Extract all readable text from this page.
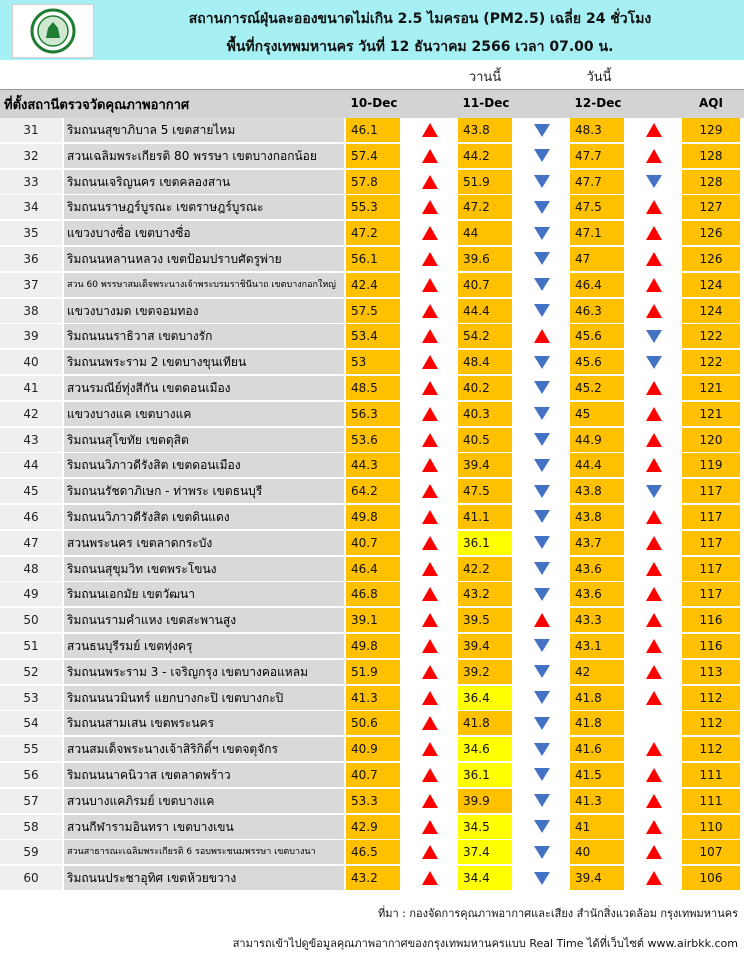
สถานการณ์ฝุ่นละอองขนาดไม่เกิน 2.5 ไมครอน (PM2.5) เฉลี่ย 24 ชั่วโมง
พื้นที่กรุงเทพมหานคร วันที่ 12 ธันวาคม 2566 เวลา 07.00 น.
วานนี้	วันนี้
ที่ตั้งสถานีตรวจวัดคุณภาพอากาศ	10-Dec	11-Dec	12-Dec	AQI
31	ริมถนนสุขาภิบาล 5 เขตสายไหม	46.1	43.8	48.3	129
32	สวนเฉลิมพระเกียรติ 80 พรรษา เขตบางกอกน้อย	57.4	44.2	47.7	128
33	ริมถนนเจริญนคร เขตคลองสาน	57.8	51.9	47.7	128
34	ริมถนนราษฎร์บูรณะ เขตราษฎร์บูรณะ	55.3	47.2	47.5	127
35	แขวงบางซื่อ เขตบางซื่อ	47.2	44	47.1	126
36	ริมถนนหลานหลวง เขตป้อมปราบศัตรูพ่าย	56.1	39.6	47	126
37	สวน 60 พรรษาสมเด็จพระนางเจ้าพระบรมราชินีนาถ เขตบางกอกใหญ่	42.4	40.7	46.4	124
38	แขวงบางมด เขตจอมทอง	57.5	44.4	46.3	124
39	ริมถนนนราธิวาส เขตบางรัก	53.4	54.2	45.6	122
40	ริมถนนพระราม 2 เขตบางขุนเทียน	53	48.4	45.6	122
41	สวนรมณีย์ทุ่งสีกัน เขตดอนเมือง	48.5	40.2	45.2	121
42	แขวงบางแค เขตบางแค	56.3	40.3	45	121
43	ริมถนนสุโขทัย เขตดุสิต	53.6	40.5	44.9	120
44	ริมถนนวิภาวดีรังสิต เขตดอนเมือง	44.3	39.4	44.4	119
45	ริมถนนรัชดาภิเษก - ท่าพระ เขตธนบุรี	64.2	47.5	43.8	117
46	ริมถนนวิภาวดีรังสิต เขตดินแดง	49.8	41.1	43.8	117
47	สวนพระนคร เขตลาดกระบัง	40.7	36.1	43.7	117
48	ริมถนนสุขุมวิท เขตพระโขนง	46.4	42.2	43.6	117
49	ริมถนนเอกมัย เขตวัฒนา	46.8	43.2	43.6	117
50	ริมถนนรามคำแหง เขตสะพานสูง	39.1	39.5	43.3	116
51	สวนธนบุรีรมย์ เขตทุ่งครุ	49.8	39.4	43.1	116
52	ริมถนนพระราม 3 - เจริญกรุง เขตบางคอแหลม	51.9	39.2	42	113
53	ริมถนนนวมินทร์ แยกบางกะปิ เขตบางกะปิ	41.3	36.4	41.8	112
54	ริมถนนสามเสน เขตพระนคร	50.6	41.8	41.8	112
55	สวนสมเด็จพระนางเจ้าสิริกิติ์ฯ เขตจตุจักร	40.9	34.6	41.6	112
56	ริมถนนนาคนิวาส เขตลาดพร้าว	40.7	36.1	41.5	111
57	สวนบางแคภิรมย์ เขตบางแค	53.3	39.9	41.3	111
58	สวนกีฬารามอินทรา เขตบางเขน	42.9	34.5	41	110
59	สวนสาธารณะเฉลิมพระเกียรติ 6 รอบพระชนมพรรษา เขตบางนา	46.5	37.4	40	107
60	ริมถนนประชาอุทิศ เขตห้วยขวาง	43.2	34.4	39.4	106
ที่มา : กองจัดการคุณภาพอากาศและเสียง สำนักสิ่งแวดล้อม กรุงเทพมหานคร
สามารถเข้าไปดูข้อมูลคุณภาพอากาศของกรุงเทพมหานครแบบ Real Time ได้ที่เว็บไซต์ www.airbkk.com
